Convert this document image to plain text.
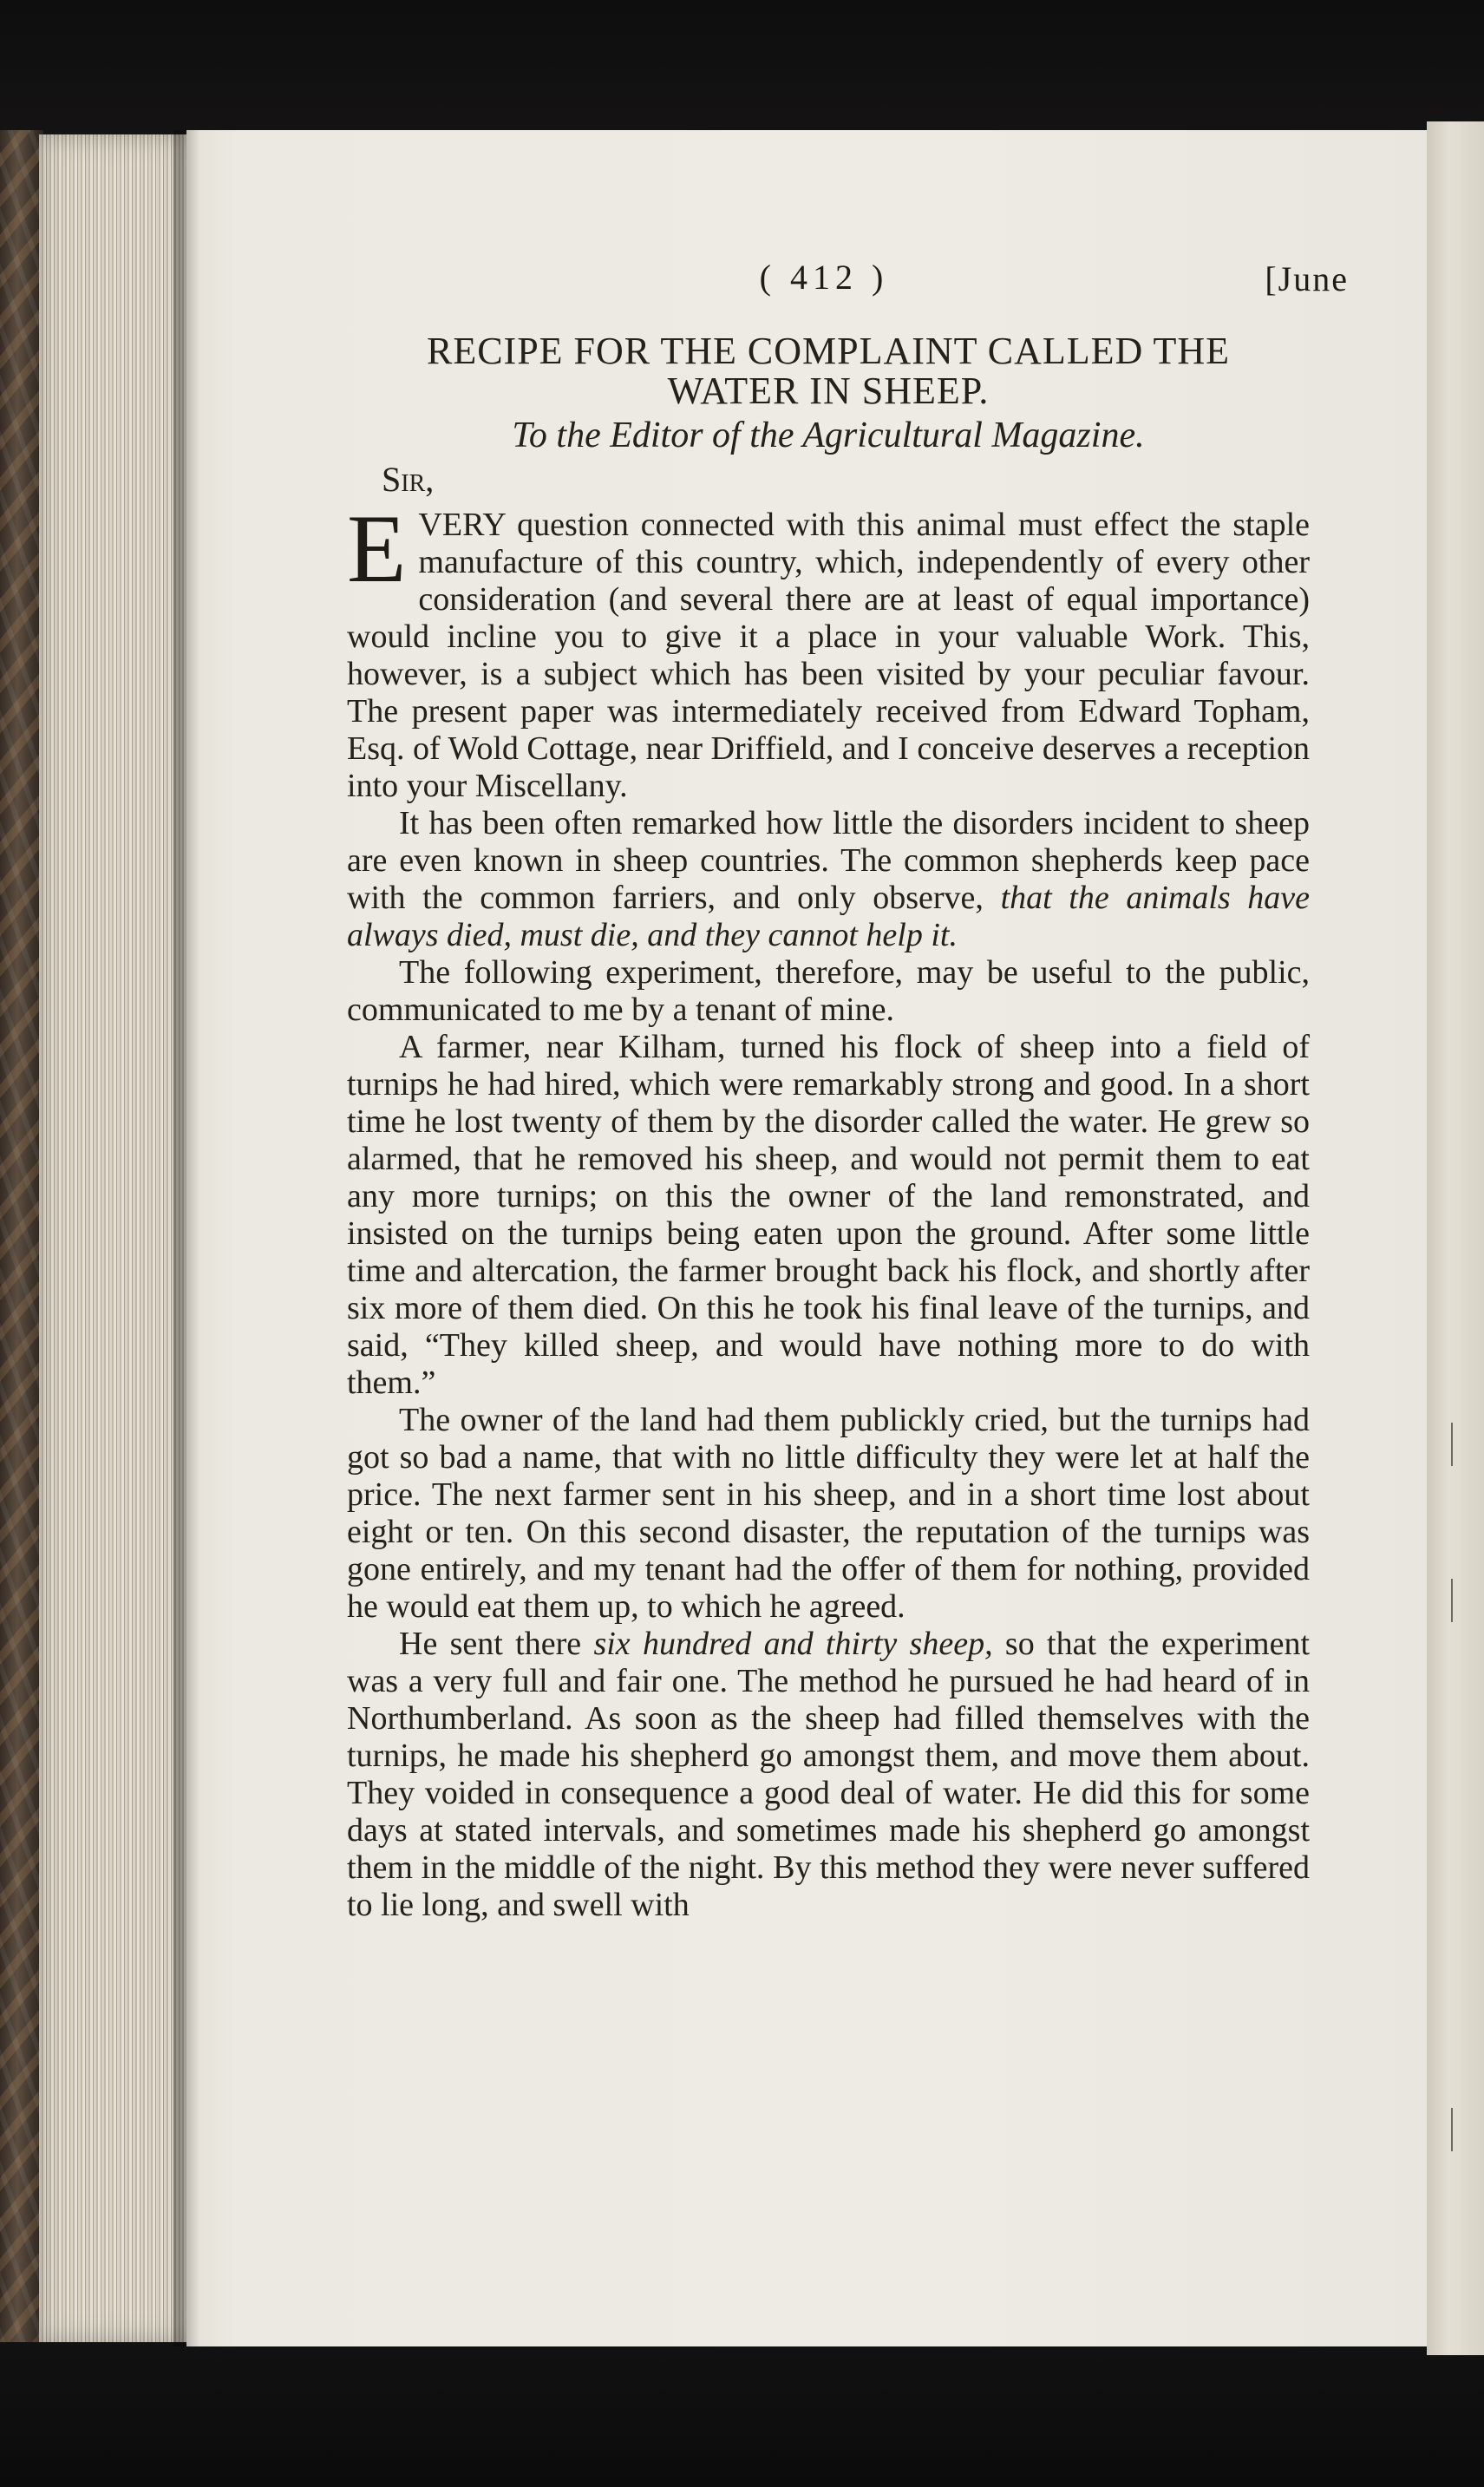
( 412 )	[June

RECIPE FOR THE COMPLAINT CALLED THE

WATER IN SHEEP.

To the Editor of the Agricultural Magazine.

Sir,

EVERY question connected with this animal must effect the staple manufacture of this country, which, independently of every other consideration (and several there are at least of equal importance) would incline you to give it a place in your valuable Work. This, however, is a subject which has been visited by your peculiar favour. The present paper was intermediately received from Edward Topham, Esq. of Wold Cottage, near Driffield, and I conceive deserves a reception into your Miscellany.

It has been often remarked how little the disorders incident to sheep are even known in sheep countries. The common shepherds keep pace with the common farriers, and only observe, that the animals have always died, must die, and they cannot help it.

The following experiment, therefore, may be useful to the public, communicated to me by a tenant of mine.

A farmer, near Kilham, turned his flock of sheep into a field of turnips he had hired, which were remarkably strong and good. In a short time he lost twenty of them by the disorder called the water. He grew so alarmed, that he removed his sheep, and would not permit them to eat any more turnips; on this the owner of the land remonstrated, and insisted on the turnips being eaten upon the ground. After some little time and altercation, the farmer brought back his flock, and shortly after six more of them died. On this he took his final leave of the turnips, and said, “They killed sheep, and would have nothing more to do with them.”

The owner of the land had them publickly cried, but the turnips had got so bad a name, that with no little difficulty they were let at half the price. The next farmer sent in his sheep, and in a short time lost about eight or ten. On this second disaster, the reputation of the turnips was gone entirely, and my tenant had the offer of them for nothing, provided he would eat them up, to which he agreed.

He sent there six hundred and thirty sheep, so that the experiment was a very full and fair one. The method he pursued he had heard of in Northumberland. As soon as the sheep had filled themselves with the turnips, he made his shepherd go amongst them, and move them about. They voided in consequence a good deal of water. He did this for some days at stated intervals, and sometimes made his shepherd go amongst them in the middle of the night. By this method they were never suffered to lie long, and swell with
